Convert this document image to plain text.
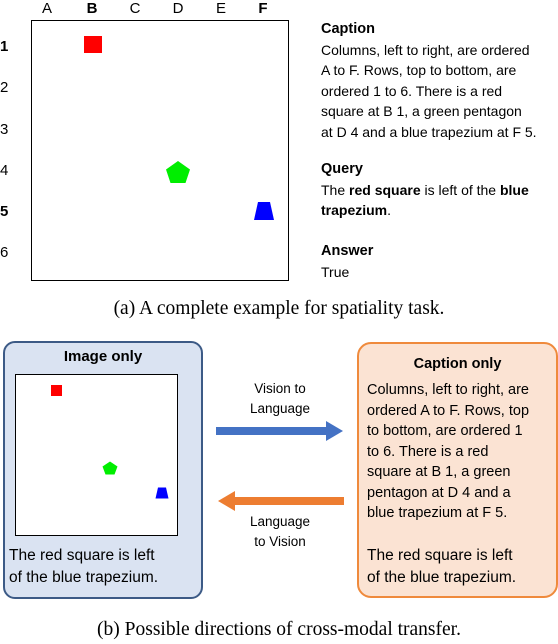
A	B	C	D	E	F
1
2
3
4
5
6
Caption
Columns, left to right, are ordered
A to F. Rows, top to bottom, are
ordered 1 to 6. There is a red
square at B 1, a green pentagon
at D 4 and a blue trapezium at F 5.
Query
The red square is left of the blue
trapezium.
Answer
True
(a) A complete example for spatiality task.
Image only
The red square is left
of the blue trapezium.
Vision to
Language
Language
to Vision
Caption only
Columns, left to right, are
ordered A to F. Rows, top
to bottom, are ordered 1
to 6. There is a red
square at B 1, a green
pentagon at D 4 and a
blue trapezium at F 5.
The red square is left
of the blue trapezium.
(b) Possible directions of cross-modal transfer.
